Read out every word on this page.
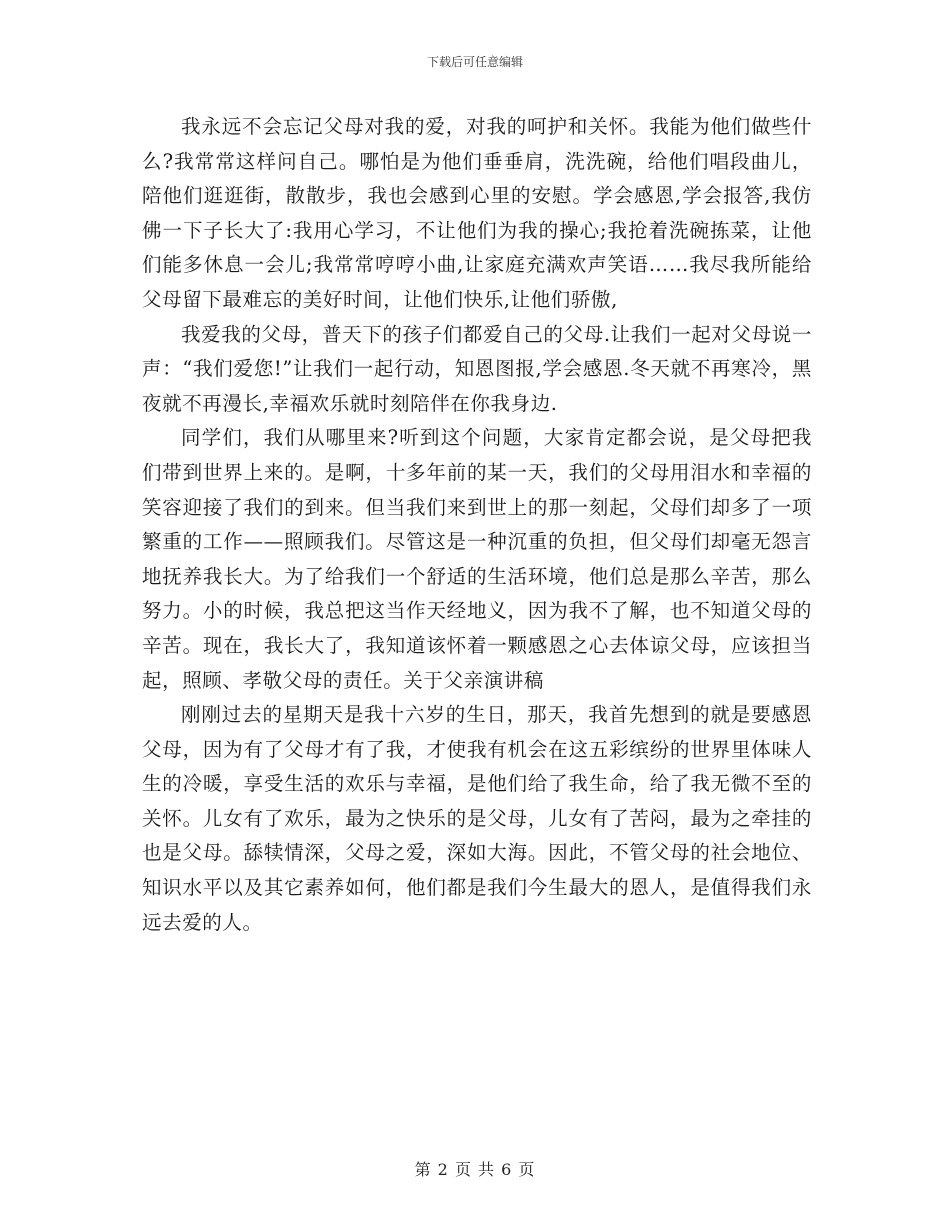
下载后可任意编辑

我永远不会忘记父母对我的爱，对我的呵护和关怀。我能为他们做些什么?我常常这样问自己。哪怕是为他们垂垂肩，洗洗碗，给他们唱段曲儿，陪他们逛逛街，散散步，我也会感到心里的安慰。学会感恩,学会报答,我仿佛一下子长大了:我用心学习，不让他们为我的操心;我抢着洗碗拣菜，让他们能多休息一会儿;我常常哼哼小曲,让家庭充满欢声笑语……我尽我所能给父母留下最难忘的美好时间，让他们快乐,让他们骄傲,

我爱我的父母，普天下的孩子们都爱自己的父母.让我们一起对父母说一声：“我们爱您!”让我们一起行动，知恩图报,学会感恩.冬天就不再寒冷，黑夜就不再漫长,幸福欢乐就时刻陪伴在你我身边.

同学们，我们从哪里来?听到这个问题，大家肯定都会说，是父母把我们带到世界上来的。是啊，十多年前的某一天，我们的父母用泪水和幸福的笑容迎接了我们的到来。但当我们来到世上的那一刻起，父母们却多了一项繁重的工作——照顾我们。尽管这是一种沉重的负担，但父母们却毫无怨言地抚养我长大。为了给我们一个舒适的生活环境，他们总是那么辛苦，那么努力。小的时候，我总把这当作天经地义，因为我不了解，也不知道父母的辛苦。现在，我长大了，我知道该怀着一颗感恩之心去体谅父母，应该担当起，照顾、孝敬父母的责任。关于父亲演讲稿

刚刚过去的星期天是我十六岁的生日，那天，我首先想到的就是要感恩父母，因为有了父母才有了我，才使我有机会在这五彩缤纷的世界里体味人生的冷暖，享受生活的欢乐与幸福，是他们给了我生命，给了我无微不至的关怀。儿女有了欢乐，最为之快乐的是父母，儿女有了苦闷，最为之牵挂的也是父母。舔犊情深，父母之爱，深如大海。因此，不管父母的社会地位、知识水平以及其它素养如何，他们都是我们今生最大的恩人，是值得我们永远去爱的人。

第 2 页 共 6 页
